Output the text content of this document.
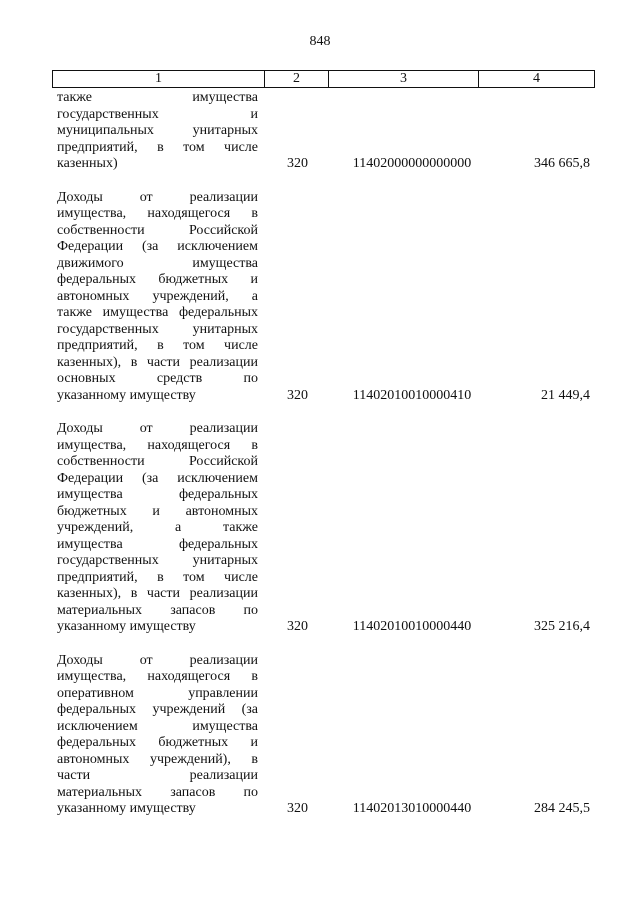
848
1	2	3	4
также имущества
государственных и
муниципальных унитарных
предприятий, в том числе
казенных)	320	11402000000000000	346 665,8
Доходы от реализации
имущества, находящегося в
собственности Российской
Федерации (за исключением
движимого имущества
федеральных бюджетных и
автономных учреждений, а
также имущества федеральных
государственных унитарных
предприятий, в том числе
казенных), в части реализации
основных средств по
указанному имуществу	320	11402010010000410	21 449,4
Доходы от реализации
имущества, находящегося в
собственности Российской
Федерации (за исключением
имущества федеральных
бюджетных и автономных
учреждений, а также
имущества федеральных
государственных унитарных
предприятий, в том числе
казенных), в части реализации
материальных запасов по
указанному имуществу	320	11402010010000440	325 216,4
Доходы от реализации
имущества, находящегося в
оперативном управлении
федеральных учреждений (за
исключением имущества
федеральных бюджетных и
автономных учреждений), в
части реализации
материальных запасов по
указанному имуществу	320	11402013010000440	284 245,5
